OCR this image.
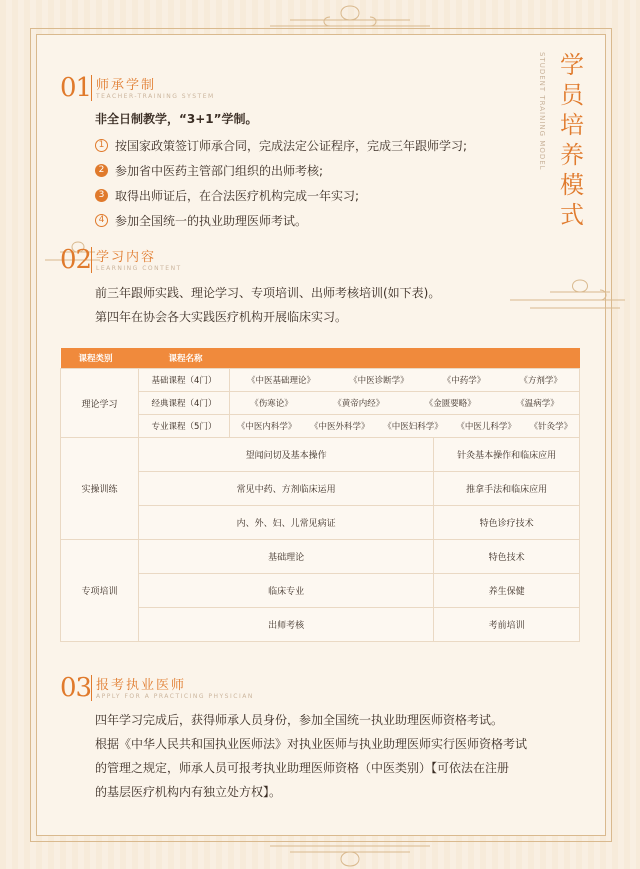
学
员
培
养
模
式
STUDENT TRAINING MODEL
01 师承学制
TEACHER-TRAINING SYSTEM
非全日制教学，“3+1”学制。
1 按国家政策签订师承合同，完成法定公证程序，完成三年跟师学习;
2 参加省中医药主管部门组织的出师考核;
3 取得出师证后，在合法医疗机构完成一年实习;
4 参加全国统一的执业助理医师考试。
02 学习内容
LEARNING CONTENT
前三年跟师实践、理论学习、专项培训、出师考核培训(如下表)。
第四年在协会各大实践医疗机构开展临床实习。
课程类别	课程名称		
理论学习	基础课程（4门）	《中医基础理论》 《中医诊断学》 《中药学》 《方剂学》	

	经典课程（4门）	《伤寒论》 《黄帝内经》 《金匮要略》 《温病学》	

	专业课程（5门）	《中医内科学》 《中医外科学》 《中医妇科学》 《中医儿科学》 《针灸学》	

实操训练	望闻问切及基本操作		针灸基本操作和临床应用
	常见中药、方剂临床运用		推拿手法和临床应用
	内、外、妇、儿常见病证		特色诊疗技术
专项培训	基础理论		特色技术
	临床专业		养生保健
	出师考核		考前培训
03 报考执业医师
APPLY FOR A PRACTICING PHYSICIAN
四年学习完成后，获得师承人员身份，参加全国统一执业助理医师资格考试。
根据《中华人民共和国执业医师法》对执业医师与执业助理医师实行医师资格考试
的管理之规定，师承人员可报考执业助理医师资格（中医类别）【可依法在注册
的基层医疗机构内有独立处方权】。
